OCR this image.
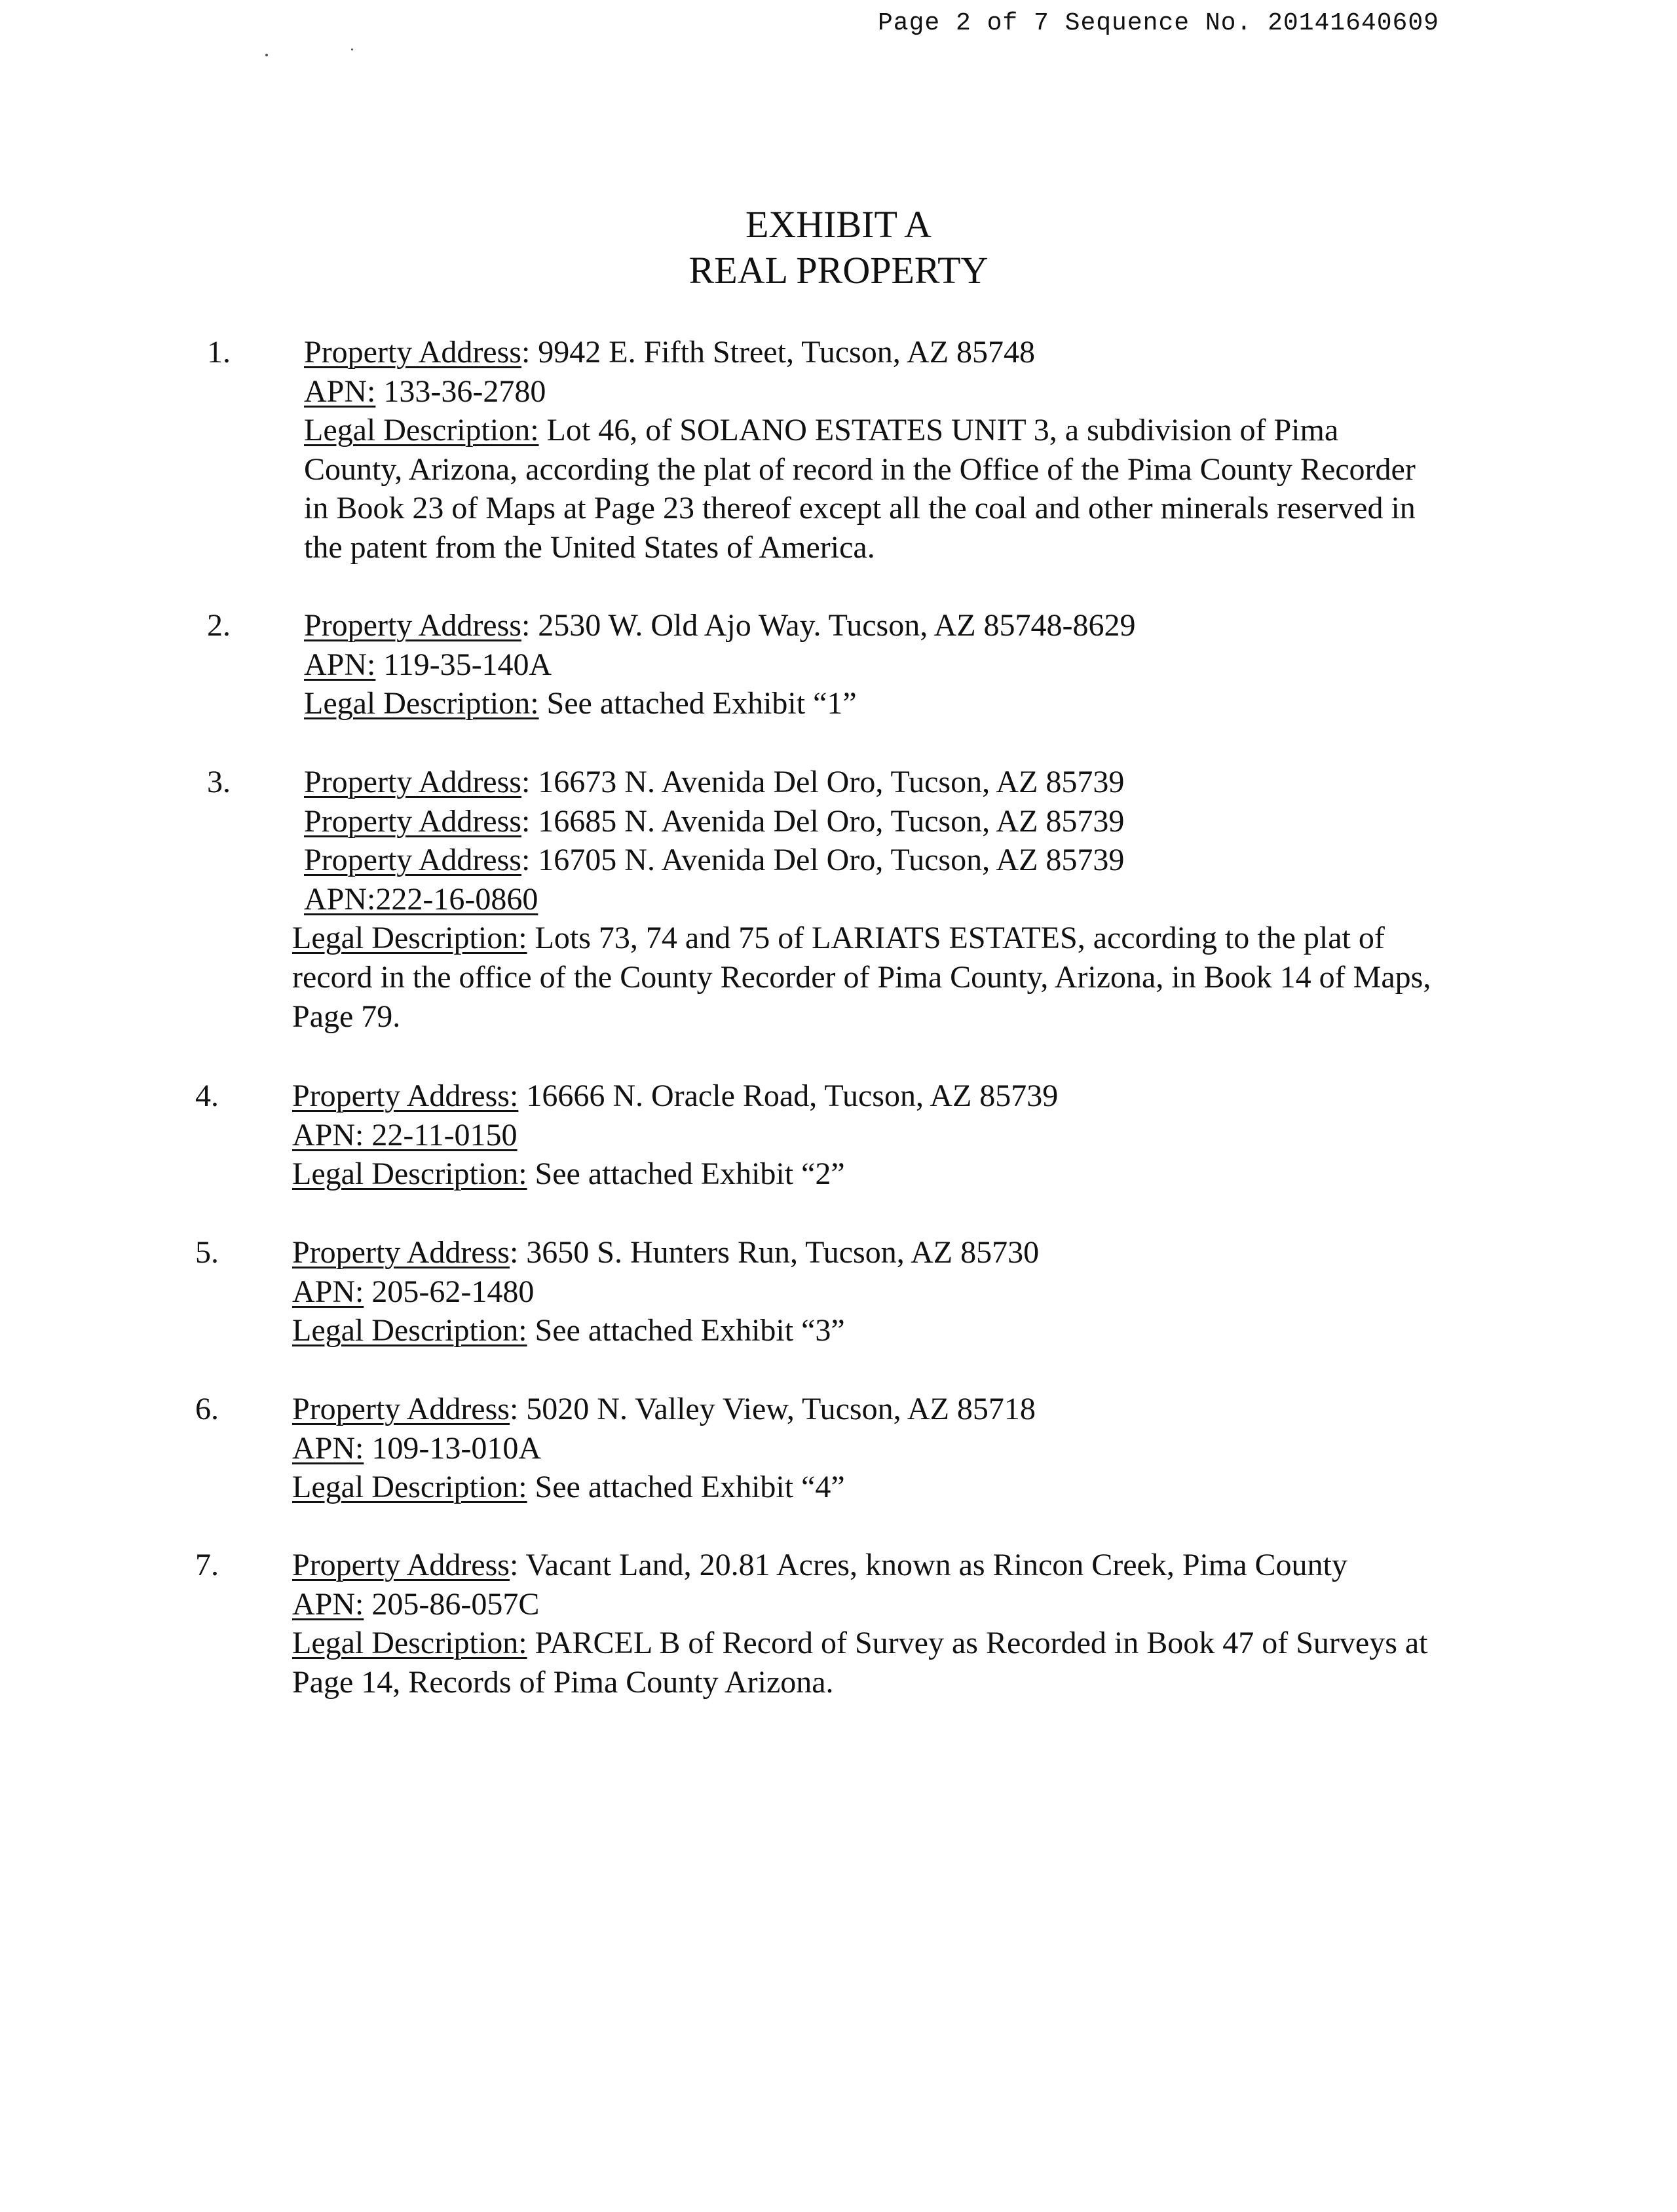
Page 2 of 7 Sequence No. 20141640609
EXHIBIT A
REAL PROPERTY
1. Property Address: 9942 E. Fifth Street, Tucson, AZ 85748
APN: 133-36-2780
Legal Description: Lot 46, of SOLANO ESTATES UNIT 3, a subdivision of Pima
County, Arizona, according the plat of record in the Office of the Pima County Recorder
in Book 23 of Maps at Page 23 thereof except all the coal and other minerals reserved in
the patent from the United States of America.
2. Property Address: 2530 W. Old Ajo Way. Tucson, AZ 85748-8629
APN: 119-35-140A
Legal Description: See attached Exhibit “1”
3. Property Address: 16673 N. Avenida Del Oro, Tucson, AZ 85739
Property Address: 16685 N. Avenida Del Oro, Tucson, AZ 85739
Property Address: 16705 N. Avenida Del Oro, Tucson, AZ 85739
APN:222-16-0860
Legal Description: Lots 73, 74 and 75 of LARIATS ESTATES, according to the plat of
record in the office of the County Recorder of Pima County, Arizona, in Book 14 of Maps,
Page 79.
4. Property Address: 16666 N. Oracle Road, Tucson, AZ 85739
APN: 22-11-0150
Legal Description: See attached Exhibit “2”
5. Property Address: 3650 S. Hunters Run, Tucson, AZ 85730
APN: 205-62-1480
Legal Description: See attached Exhibit “3”
6. Property Address: 5020 N. Valley View, Tucson, AZ 85718
APN: 109-13-010A
Legal Description: See attached Exhibit “4”
7. Property Address: Vacant Land, 20.81 Acres, known as Rincon Creek, Pima County
APN: 205-86-057C
Legal Description: PARCEL B of Record of Survey as Recorded in Book 47 of Surveys at
Page 14, Records of Pima County Arizona.
